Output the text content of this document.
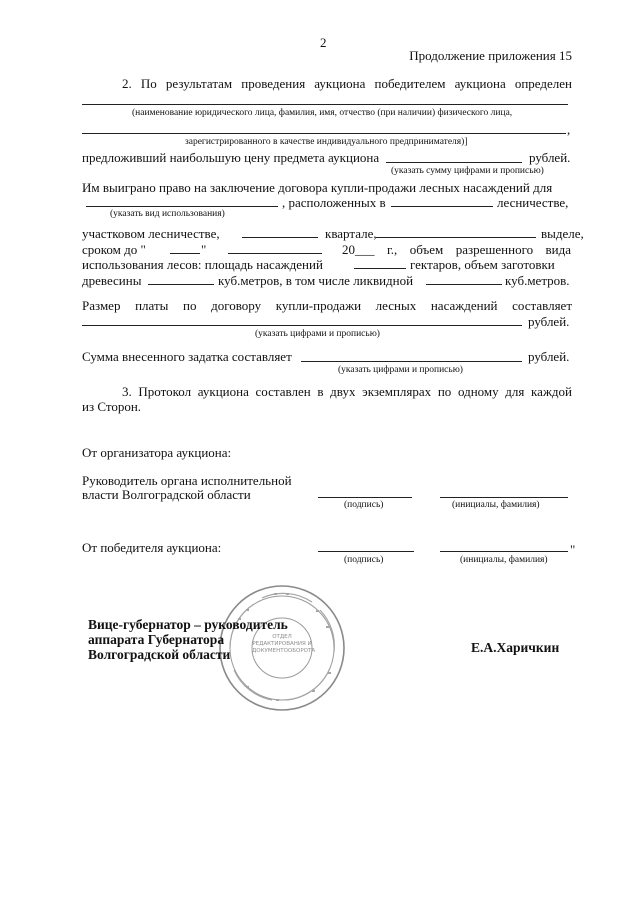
2
Продолжение приложения 15
2. По результатам проведения аукциона победителем аукциона определен
(наименование юридического лица, фамилия, имя, отчество (при наличии) физического лица,
,
зарегистрированного в качестве индивидуального предпринимателя)]
предложивший наибольшую цену предмета аукциона	рублей.
(указать сумму цифрами и прописью)
Им выиграно право на заключение договора купли-продажи лесных насаждений для
, расположенных в	лесничестве,
(указать вид использования)
участковом лесничестве,	квартале,	выделе,
сроком до "	"	20___ г., объем разрешенного вида
использования лесов: площадь насаждений	гектаров, объем заготовки
древесины	куб.метров, в том числе ликвидной	куб.метров.
Размер платы по договору купли-продажи лесных насаждений составляет
рублей.
(указать цифрами и прописью)
Сумма внесенного задатка составляет	рублей.
(указать цифрами и прописью)
3. Протокол аукциона составлен в двух экземплярах по одному для каждой
из Сторон.
От организатора аукциона:
Руководитель органа исполнительной
власти Волгоградской области
(подпись)	(инициалы, фамилия)
От победителя аукциона:	"
(подпись)	(инициалы, фамилия)
ОТДЕЛ
РЕДАКТИРОВАНИЯ И
ДОКУМЕНТООБОРОТА
Вице-губернатор – руководитель
аппарата Губернатора
Волгоградской области	Е.А.Харичкин
